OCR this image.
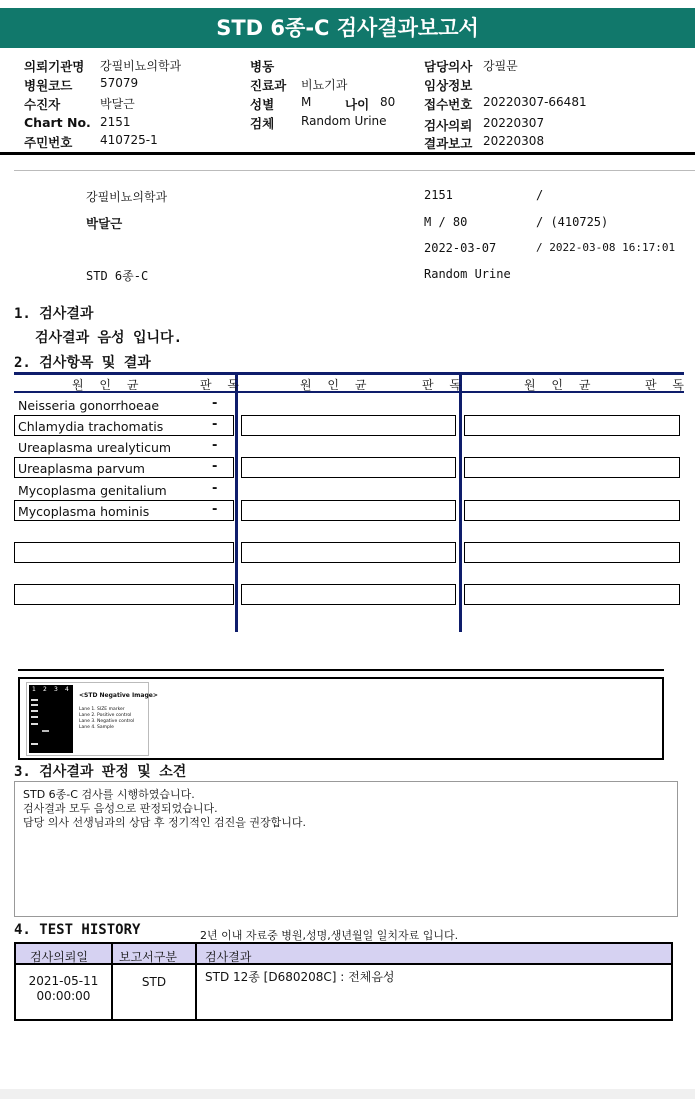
STD 6종-C 검사결과보고서
의뢰기관명 강필비뇨의학과
병원코드 57079
수진자	박달근
Chart No. 2151
주민번호 410725-1
병동
진료과 비뇨기과
성별 M	나이 80
검체 Random Urine
담당의사 강필문
임상정보
접수번호 20220307-66481
검사의뢰 20220307
결과보고 20220308
강필비뇨의학과	2151	/
박달근	M / 80	/ (410725)
2022-03-07	/ 2022-03-08 16:17:01
STD 6종-C	Random Urine
1. 검사결과
검사결과 음성 입니다.
2. 검사항목 및 결과
원 인 균	판 독	원 인 균	판 독	원 인 균	판 독
Neisseria gonorrhoeae	-
Chlamydia trachomatis	-
Ureaplasma urealyticum	-
Ureaplasma parvum	-
Mycoplasma genitalium	-
Mycoplasma hominis	-
1 2 3 4
<STD Negative Image>
Lane 1. SIZE marker
Lane 2. Positive control
Lane 3. Negative control
Lane 4. Sample
3. 검사결과 판정 및 소견
STD 6종-C 검사를 시행하였습니다.
검사결과 모두 음성으로 판정되었습니다.
담당 의사 선생님과의 상담 후 정기적인 검진을 권장합니다.
4. TEST HISTORY	2년 이내 자료중 병원,성명,생년월일 일치자료 입니다.
검사의뢰일	보고서구분 검사결과
2021-05-11
00:00:00
STD	STD 12종 [D680208C] : 전체음성
